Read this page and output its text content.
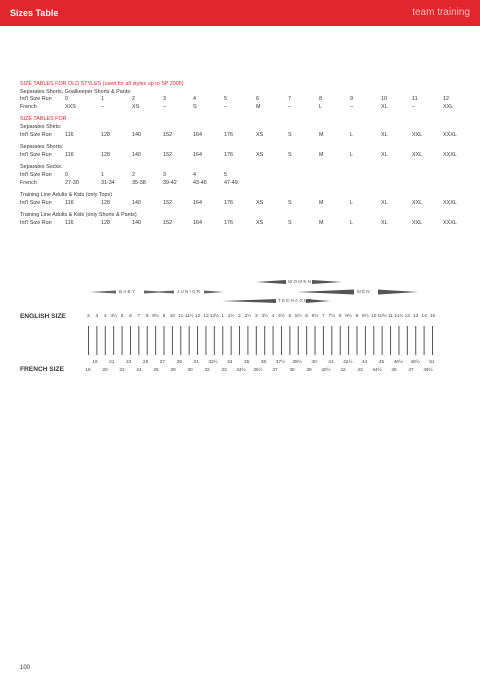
Sizes Table	team training
SIZE TABLES FOR OLD STYLES (used for all styles up to SP 2005)
Separates Shorts, Goalkeeper Shorts & Pants:
Int'l Size Run 0	1	2	3	4	5	6	7	8	9	10	11	12
French	XXS	–	XS	–	S	–	M	–	L	–	XL	–	XXL
SIZE TABLES FOR
Separates Shirts:
Int'l Size Run 116	128	140	152	164	176	XS	S	M	L	XL	XXL	XXXL
Separates Shorts:
Int'l Size Run 116	128	140	152	164	176	XS	S	M	L	XL	XXL	XXXL
Separates Socks:
Int'l Size Run 0	1	2	3	4	5
French	27-30	31-34	35-38	39-42	43-46	47-49
Training Line Adults & Kids (only Tops)
Int'l Size Run 116	128	140	152	164	176	XS	S	M	L	XL	XXL	XXXL
Training Line Adults & Kids (only Shorts & Pants)
Int'l Size Run 116	128	140	152	164	176	XS	S	M	L	XL	XXL	XXXL
BABY	JUNIOR
WOMEN
MEN
TEENAGER
ENGLISH SIZE
FRENCH SIZE
2 3 4 4½ 5 6 7 8 8½ 9 10 11 11½ 12 13 13½ 1 1½ 2 2½ 3 3½ 4 4½ 5 5½ 6 6½ 7 7½ 8 8½ 9 9½ 10 10½ 11 11½ 12 13 14 15
19 21 23 25 27 29 31 32½ 34 35 36 37½ 38½ 40 41 42½ 44 45 46½ 48½ 51
18 20 22 24 26 28 30 32 33 34½ 35½ 37 38 39 40½ 42 43 44½ 46 47 49½
100
